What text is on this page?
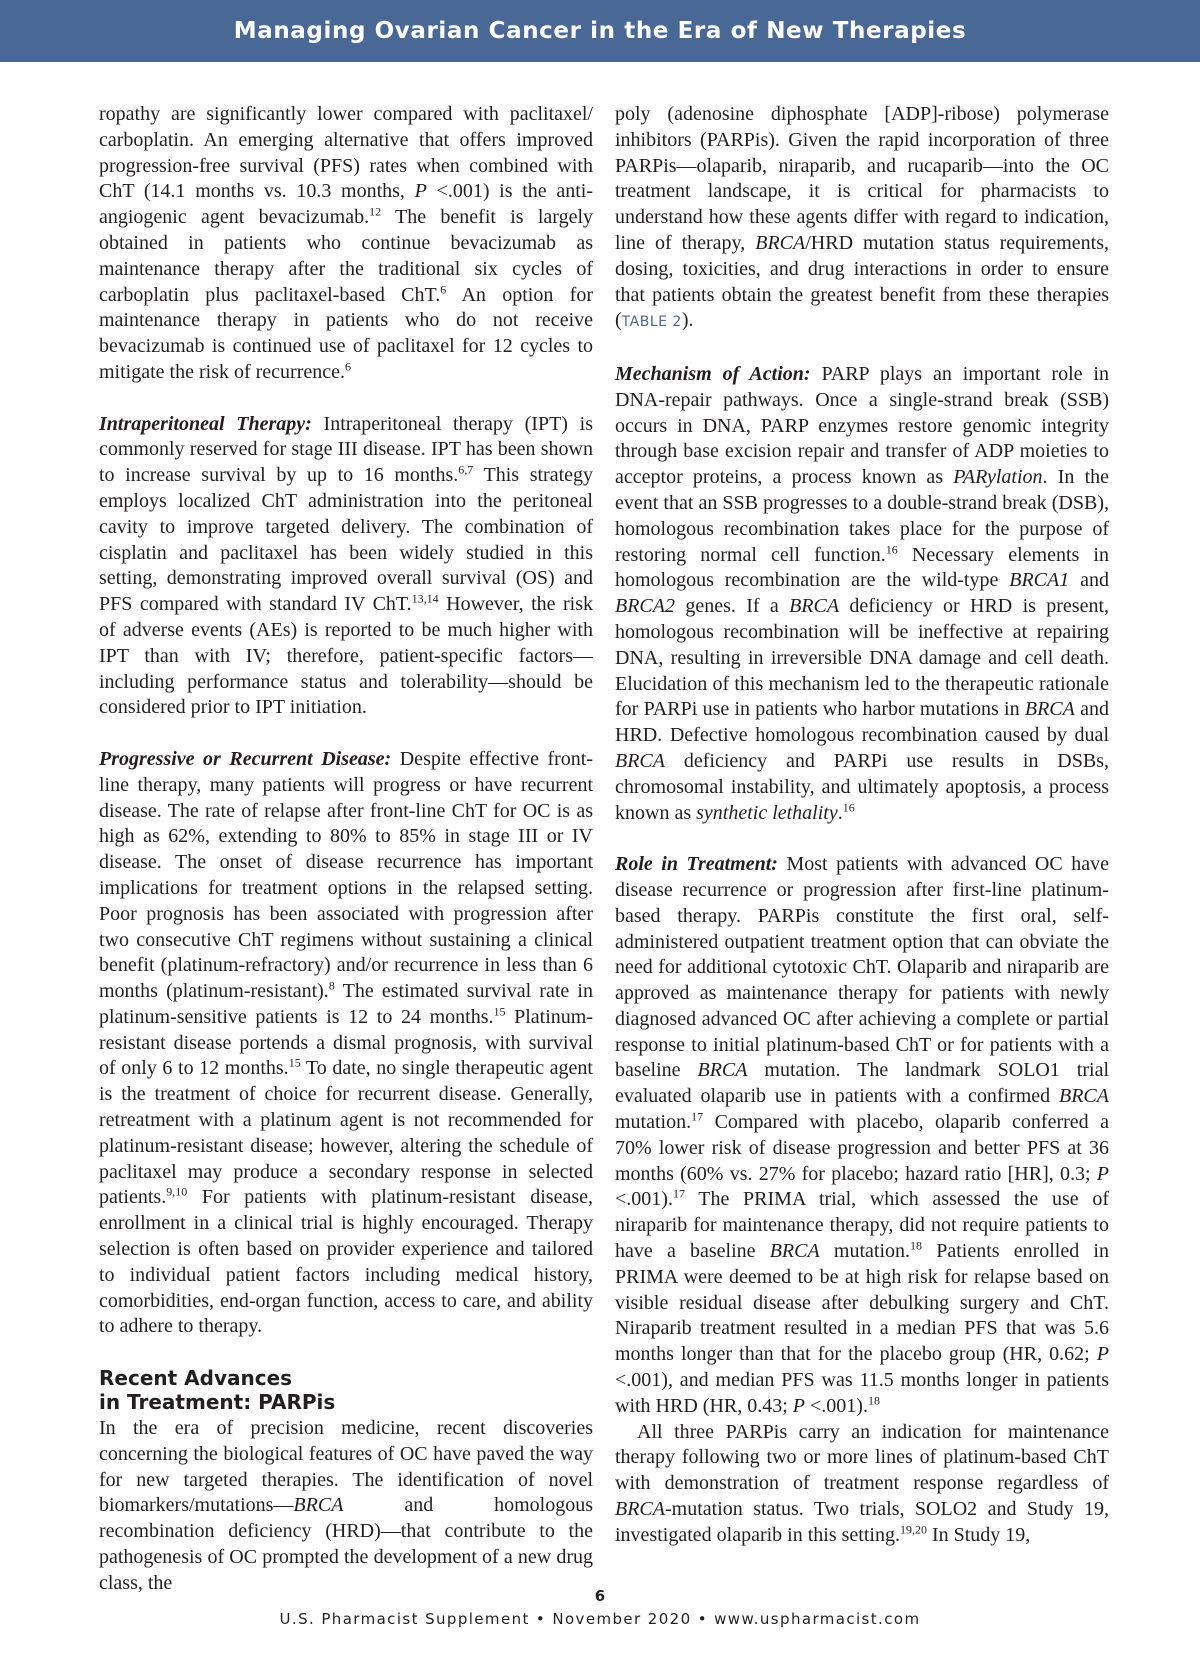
Managing Ovarian Cancer in the Era of New Therapies

ropathy are significantly lower compared with paclitaxel/ carboplatin. An emerging alternative that offers improved progression-free survival (PFS) rates when combined with ChT (14.1 months vs. 10.3 months, P <.001) is the anti-angiogenic agent bevacizumab.$^{12}$ The benefit is largely obtained in patients who continue bevacizumab as maintenance therapy after the traditional six cycles of carboplatin plus paclitaxel-based ChT.$^6$ An option for maintenance therapy in patients who do not receive bevacizumab is continued use of paclitaxel for 12 cycles to mitigate the risk of recurrence.$^6$

Intraperitoneal Therapy: Intraperitoneal therapy (IPT) is commonly reserved for stage III disease. IPT has been shown to increase survival by up to 16 months.$^{6,7}$ This strategy employs localized ChT administration into the peritoneal cavity to improve targeted delivery. The combination of cisplatin and paclitaxel has been widely studied in this setting, demonstrating improved overall survival (OS) and PFS compared with standard IV ChT.$^{13,14}$ However, the risk of adverse events (AEs) is reported to be much higher with IPT than with IV; therefore, patient-specific factors—including performance status and tolerability—should be considered prior to IPT initiation.

Progressive or Recurrent Disease: Despite effective front-line therapy, many patients will progress or have recurrent disease. The rate of relapse after front-line ChT for OC is as high as 62%, extending to 80% to 85% in stage III or IV disease. The onset of disease recurrence has important implications for treatment options in the relapsed setting. Poor prognosis has been associated with progression after two consecutive ChT regimens without sustaining a clinical benefit (platinum-refractory) and/or recurrence in less than 6 months (platinum-resistant).$^8$ The estimated survival rate in platinum-sensitive patients is 12 to 24 months.$^{15}$ Platinum-resistant disease portends a dismal prognosis, with survival of only 6 to 12 months.$^{15}$ To date, no single therapeutic agent is the treatment of choice for recurrent disease. Generally, retreatment with a platinum agent is not recommended for platinum-resistant disease; however, altering the schedule of paclitaxel may produce a secondary response in selected patients.$^{9,10}$ For patients with platinum-resistant disease, enrollment in a clinical trial is highly encouraged. Therapy selection is often based on provider experience and tailored to individual patient factors including medical history, comorbidities, end-organ function, access to care, and ability to adhere to therapy.

Recent Advances
in Treatment: PARPis

In the era of precision medicine, recent discoveries concerning the biological features of OC have paved the way for new targeted therapies. The identification of novel biomarkers/mutations—BRCA and homologous recombination deficiency (HRD)—that contribute to the pathogenesis of OC prompted the development of a new drug class, the

poly (adenosine diphosphate [ADP]-ribose) polymerase inhibitors (PARPis). Given the rapid incorporation of three PARPis—olaparib, niraparib, and rucaparib—into the OC treatment landscape, it is critical for pharmacists to understand how these agents differ with regard to indication, line of therapy, BRCA/HRD mutation status requirements, dosing, toxicities, and drug interactions in order to ensure that patients obtain the greatest benefit from these therapies (TABLE 2).

Mechanism of Action: PARP plays an important role in DNA-repair pathways. Once a single-strand break (SSB) occurs in DNA, PARP enzymes restore genomic integrity through base excision repair and transfer of ADP moieties to acceptor proteins, a process known as PARylation. In the event that an SSB progresses to a double-strand break (DSB), homologous recombination takes place for the purpose of restoring normal cell function.$^{16}$ Necessary elements in homologous recombination are the wild-type BRCA1 and BRCA2 genes. If a BRCA deficiency or HRD is present, homologous recombination will be ineffective at repairing DNA, resulting in irreversible DNA damage and cell death. Elucidation of this mechanism led to the therapeutic rationale for PARPi use in patients who harbor mutations in BRCA and HRD. Defective homologous recombination caused by dual BRCA deficiency and PARPi use results in DSBs, chromosomal instability, and ultimately apoptosis, a process known as synthetic lethality.$^{16}$

Role in Treatment: Most patients with advanced OC have disease recurrence or progression after first-line platinum-based therapy. PARPis constitute the first oral, self-administered outpatient treatment option that can obviate the need for additional cytotoxic ChT. Olaparib and niraparib are approved as maintenance therapy for patients with newly diagnosed advanced OC after achieving a complete or partial response to initial platinum-based ChT or for patients with a baseline BRCA mutation. The landmark SOLO1 trial evaluated olaparib use in patients with a confirmed BRCA mutation.$^{17}$ Compared with placebo, olaparib conferred a 70% lower risk of disease progression and better PFS at 36 months (60% vs. 27% for placebo; hazard ratio [HR], 0.3; P <.001).$^{17}$ The PRIMA trial, which assessed the use of niraparib for maintenance therapy, did not require patients to have a baseline BRCA mutation.$^{18}$ Patients enrolled in PRIMA were deemed to be at high risk for relapse based on visible residual disease after debulking surgery and ChT. Niraparib treatment resulted in a median PFS that was 5.6 months longer than that for the placebo group (HR, 0.62; P <.001), and median PFS was 11.5 months longer in patients with HRD (HR, 0.43; P <.001).$^{18}$

All three PARPis carry an indication for maintenance therapy following two or more lines of platinum-based ChT with demonstration of treatment response regardless of BRCA-mutation status. Two trials, SOLO2 and Study 19, investigated olaparib in this setting.$^{19,20}$ In Study 19,

6
U.S. Pharmacist Supplement • November 2020 • www.uspharmacist.com
